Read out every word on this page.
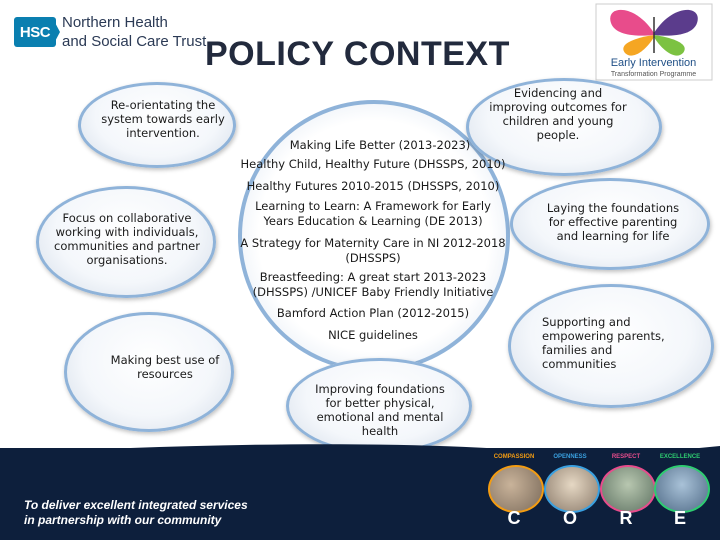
HSC
Northern Health
and Social Care Trust
POLICY CONTEXT	Early Intervention
Transformation Programme
Re-orientating the system towards early intervention.
Focus on collaborative working with individuals, communities and partner organisations.
Making best use of resources
Evidencing and improving outcomes for children and young people.
Laying the foundations for effective parenting and learning for life
Supporting and empowering parents, families and communities
Improving foundations for better physical, emotional and mental health
Making Life Better (2013-2023)
Healthy Child, Healthy Future (DHSSPS, 2010)
Healthy Futures 2010-2015 (DHSSPS, 2010)
Learning to Learn: A Framework for Early Years Education & Learning (DE 2013)
A Strategy for Maternity Care in NI 2012-2018 (DHSSPS)
Breastfeeding: A great start 2013-2023 (DHSSPS) /UNICEF Baby Friendly Initiative
Bamford Action Plan (2012-2015)
NICE guidelines
To deliver excellent integrated services
in partnership with our community
COMPASSION	OPENNESS	RESPECT	EXCELLENCE
C	O	R	E
